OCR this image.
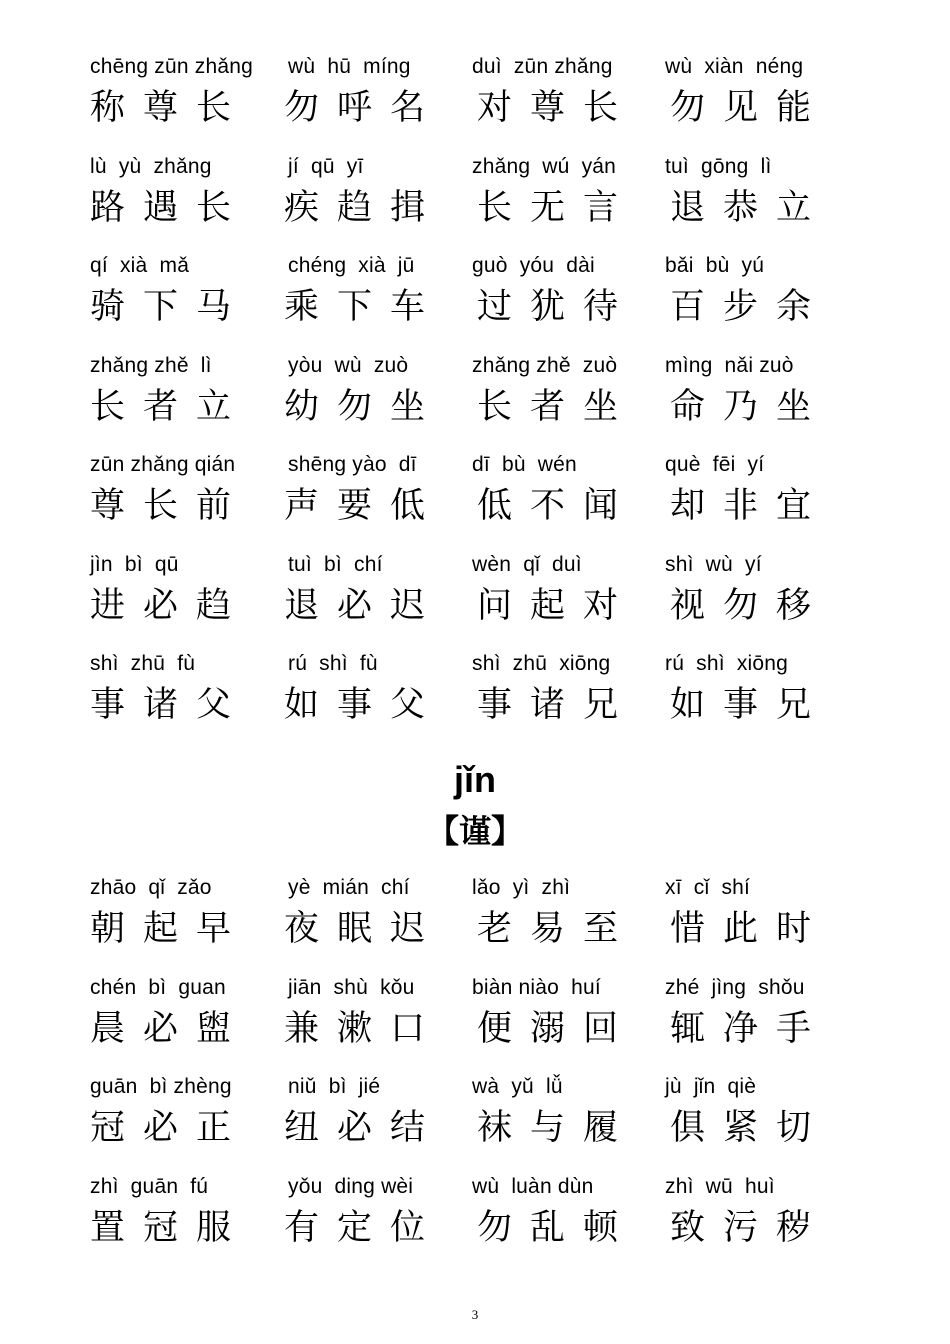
chēng zūn zhǎng
称尊长
wù  hū  míng
勿呼名
duì  zūn zhǎng
对尊长
wù  xiàn  néng
勿见能
lù  yù  zhǎng
路遇长
jí  qū  yī
疾趋揖
zhǎng  wú  yán
长无言
tuì  gōng  lì
退恭立
qí  xià  mǎ
骑下马
chéng  xià  jū
乘下车
guò  yóu  dài
过犹待
bǎi  bù  yú
百步余
zhǎng zhě  lì
长者立
yòu  wù  zuò
幼勿坐
zhǎng zhě  zuò
长者坐
mìng  nǎi zuò
命乃坐
zūn zhǎng qián
尊长前
shēng yào  dī
声要低
dī  bù  wén
低不闻
què  fēi  yí
却非宜
jìn  bì  qū
进必趋
tuì  bì  chí
退必迟
wèn  qǐ  duì
问起对
shì  wù  yí
视勿移
shì  zhū  fù
事诸父
rú  shì  fù
如事父
shì  zhū  xiōng
事诸兄
rú  shì  xiōng
如事兄
zhāo  qǐ  zǎo
朝起早
yè  mián  chí
夜眠迟
lǎo  yì  zhì
老易至
xī  cǐ  shí
惜此时
chén  bì  guan
晨必盥
jiān  shù  kǒu
兼漱口
biàn niào  huí
便溺回
zhé  jìng  shǒu
辄净手
guān  bì zhèng
冠必正
niǔ  bì  jié
纽必结
wà  yǔ  lǚ
袜与履
jù  jǐn  qiè
俱紧切
zhì  guān  fú
置冠服
yǒu  ding wèi
有定位
wù  luàn dùn
勿乱顿
zhì  wū  huì
致污秽
jǐn
【谨】
3
